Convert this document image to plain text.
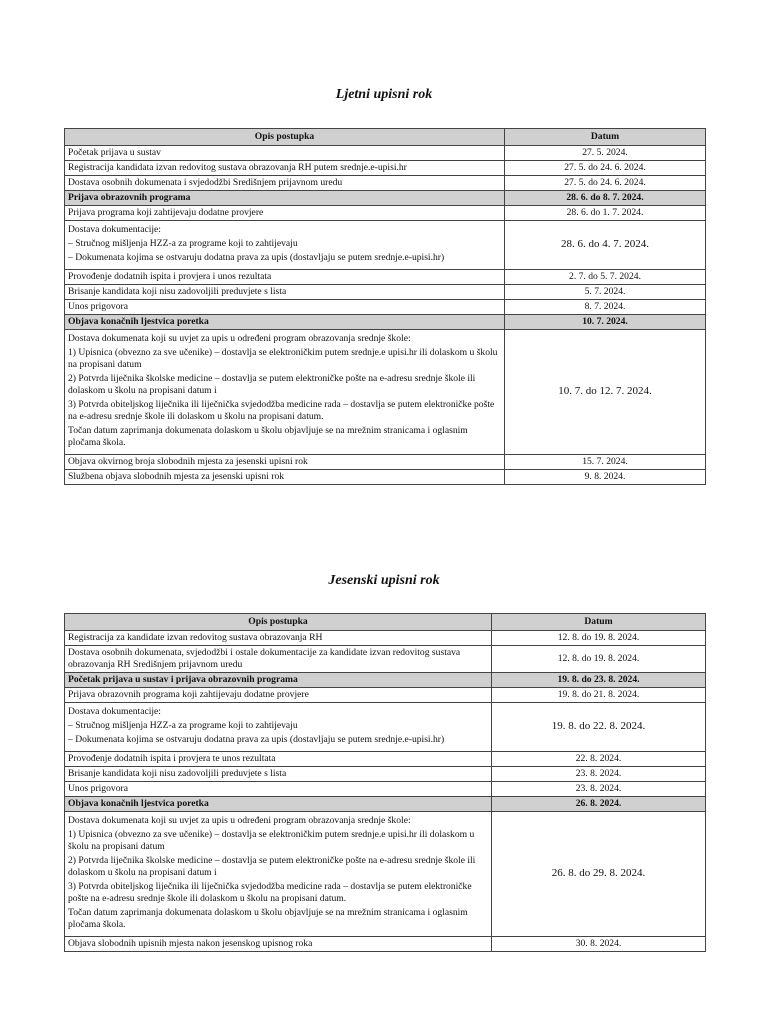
Ljetni upisni rok
Opis postupka	Datum

Početak prijava u sustav	27. 5. 2024.

Registracija kandidata izvan redovitog sustava obrazovanja RH putem srednje.e-upisi.hr	27. 5. do 24. 6. 2024.

Dostava osobnih dokumenata i svjedodžbi Središnjem prijavnom uredu	27. 5. do 24. 6. 2024.

Prijava obrazovnih programa	28. 6. do 8. 7. 2024.

Prijava programa koji zahtijevaju dodatne provjere	28. 6. do 1. 7. 2024.

Dostava dokumentacije:
– Stručnog mišljenja HZZ-a za programe koji to zahtijevaju
– Dokumenata kojima se ostvaruju dodatna prava za upis (dostavljaju se putem srednje.e-upisi.hr)	28. 6. do 4. 7. 2024.

Provođenje dodatnih ispita i provjera i unos rezultata	2. 7. do 5. 7. 2024.

Brisanje kandidata koji nisu zadovoljili preduvjete s lista	5. 7. 2024.

Unos prigovora	8. 7. 2024.

Objava konačnih ljestvica poretka	10. 7. 2024.

Dostava dokumenata koji su uvjet za upis u određeni program obrazovanja srednje škole:
1) Upisnica (obvezno za sve učenike) – dostavlja se elektroničkim putem srednje.e upisi.hr ili dolaskom u školu na propisani datum
2) Potvrda liječnika školske medicine – dostavlja se putem elektroničke pošte na e-adresu srednje škole ili dolaskom u školu na propisani datum i
3) Potvrda obiteljskog liječnika ili liječnička svjedodžba medicine rada – dostavlja se putem elektroničke pošte na e-adresu srednje škole ili dolaskom u školu na propisani datum.
Točan datum zaprimanja dokumenata dolaskom u školu objavljuje se na mrežnim stranicama i oglasnim pločama škola.	10. 7. do 12. 7. 2024.

Objava okvirnog broja slobodnih mjesta za jesenski upisni rok	15. 7. 2024.

Službena objava slobodnih mjesta za jesenski upisni rok	9. 8. 2024.
Jesenski upisni rok
Opis postupka	Datum

Registracija za kandidate izvan redovitog sustava obrazovanja RH	12. 8. do 19. 8. 2024.

Dostava osobnih dokumenata, svjedodžbi i ostale dokumentacije za kandidate izvan redovitog sustava obrazovanja RH Središnjem prijavnom uredu	12. 8. do 19. 8. 2024.

Početak prijava u sustav i prijava obrazovnih programa	19. 8. do 23. 8. 2024.

Prijava obrazovnih programa koji zahtijevaju dodatne provjere	19. 8. do 21. 8. 2024.

Dostava dokumentacije:
– Stručnog mišljenja HZZ-a za programe koji to zahtijevaju
– Dokumenata kojima se ostvaruju dodatna prava za upis (dostavljaju se putem srednje.e-upisi.hr)	19. 8. do 22. 8. 2024.

Provođenje dodatnih ispita i provjera te unos rezultata	22. 8. 2024.

Brisanje kandidata koji nisu zadovoljili preduvjete s lista	23. 8. 2024.

Unos prigovora	23. 8. 2024.

Objava konačnih ljestvica poretka	26. 8. 2024.

Dostava dokumenata koji su uvjet za upis u određeni program obrazovanja srednje škole:
1) Upisnica (obvezno za sve učenike) – dostavlja se elektroničkim putem srednje.e upisi.hr ili dolaskom u školu na propisani datum
2) Potvrda liječnika školske medicine – dostavlja se putem elektroničke pošte na e-adresu srednje škole ili dolaskom u školu na propisani datum i
3) Potvrda obiteljskog liječnika ili liječnička svjedodžba medicine rada – dostavlja se putem elektroničke pošte na e-adresu srednje škole ili dolaskom u školu na propisani datum.
Točan datum zaprimanja dokumenata dolaskom u školu objavljuje se na mrežnim stranicama i oglasnim pločama škola.	26. 8. do 29. 8. 2024.

Objava slobodnih upisnih mjesta nakon jesenskog upisnog roka	30. 8. 2024.
